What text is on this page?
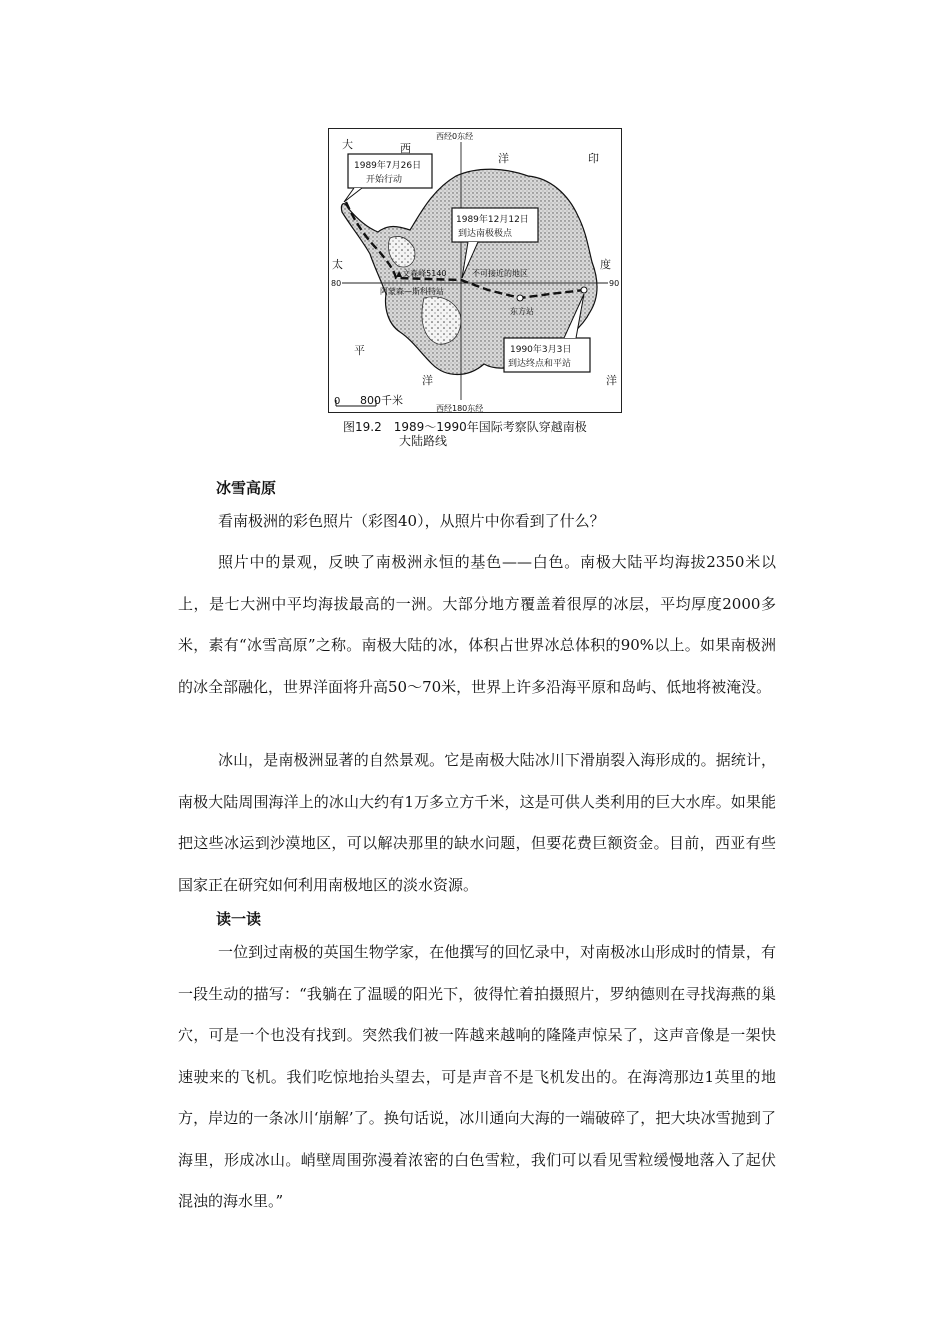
1989年7月26日
开始行动
1989年12月12日
到达南极极点
1990年3月3日
到达终点和平站
西经0东经
西经180东经
80	90
大	西
洋	印
太	度
平
洋	洋
▲文森峰5140
阿蒙森—斯科特站
不可接近的地区
东方站
0 800千米
图19.2　1989～1990年国际考察队穿越南极
大陆路线
冰雪高原

看南极洲的彩色照片（彩图40），从照片中你看到了什么？

照片中的景观，反映了南极洲永恒的基色——白色。南极大陆平均海拔2350米以上，是七大洲中平均海拔最高的一洲。大部分地方覆盖着很厚的冰层，平均厚度2000多米，素有“冰雪高原”之称。南极大陆的冰，体积占世界冰总体积的90%以上。如果南极洲的冰全部融化，世界洋面将升高50～70米，世界上许多沿海平原和岛屿、低地将被淹没。

冰山，是南极洲显著的自然景观。它是南极大陆冰川下滑崩裂入海形成的。据统计，南极大陆周围海洋上的冰山大约有1万多立方千米，这是可供人类利用的巨大水库。如果能把这些冰运到沙漠地区，可以解决那里的缺水问题，但要花费巨额资金。目前，西亚有些国家正在研究如何利用南极地区的淡水资源。

读一读

一位到过南极的英国生物学家，在他撰写的回忆录中，对南极冰山形成时的情景，有一段生动的描写：“我躺在了温暖的阳光下，彼得忙着拍摄照片，罗纳德则在寻找海燕的巢穴，可是一个也没有找到。突然我们被一阵越来越响的隆隆声惊呆了，这声音像是一架快速驶来的飞机。我们吃惊地抬头望去，可是声音不是飞机发出的。在海湾那边1英里的地方，岸边的一条冰川‘崩解’了。换句话说，冰川通向大海的一端破碎了，把大块冰雪抛到了海里，形成冰山。峭壁周围弥漫着浓密的白色雪粒，我们可以看见雪粒缓慢地落入了起伏混浊的海水里。”
